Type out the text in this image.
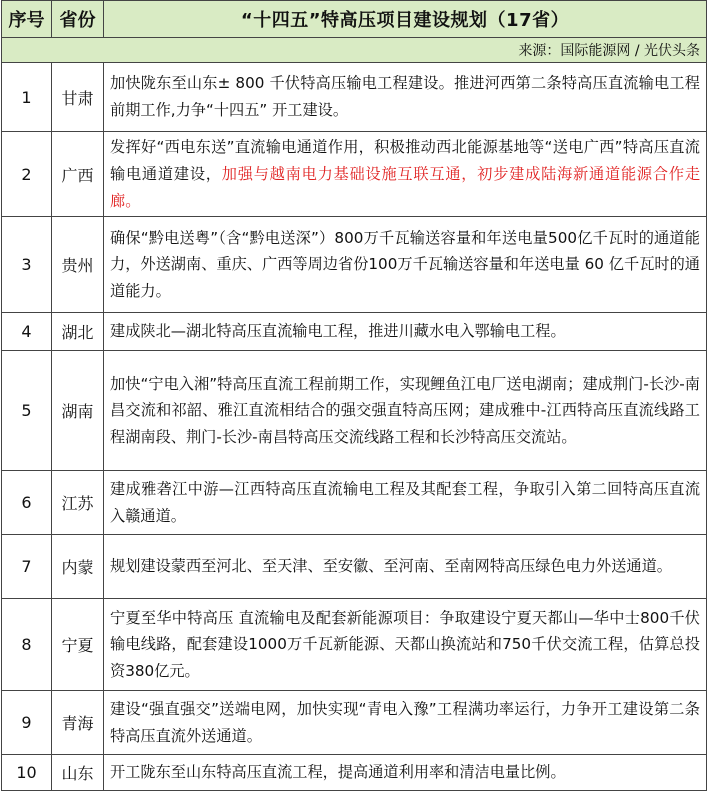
序号	省份	“十四五”特高压项目建设规划（17省）
来源：国际能源网 / 光伏头条		
1	甘肃	加快陇东至山东± 800 千伏特高压输电工程建设。推进河西第二条特高压直流输电工程前期工作,力争“十四五” 开工建设。
2	广西	发挥好“西电东送”直流输电通道作用，积极推动西北能源基地等“送电广西”特高压直流输电通道建设，加强与越南电力基础设施互联互通，初步建成陆海新通道能源合作走廊。
3	贵州	确保“黔电送粤”（含“黔电送深”）800万千瓦输送容量和年送电量500亿千瓦时的通道能力，外送湖南、重庆、广西等周边省份100万千瓦输送容量和年送电量 60 亿千瓦时的通道能力。
4	湖北	建成陕北—湖北特高压直流输电工程，推进川藏水电入鄂输电工程。
5	湖南	加快“宁电入湘”特高压直流工程前期工作，实现鲤鱼江电厂送电湖南；建成荆门-长沙-南昌交流和祁韶、雅江直流相结合的强交强直特高压网；建成雅中-江西特高压直流线路工程湖南段、荆门-长沙-南昌特高压交流线路工程和长沙特高压交流站。
6	江苏	建成雅砻江中游—江西特高压直流输电工程及其配套工程，争取引入第二回特高压直流入赣通道。
7	内蒙	规划建设蒙西至河北、至天津、至安徽、至河南、至南网特高压绿色电力外送通道。
8	宁夏	宁夏至华中特高压 直流输电及配套新能源项目：争取建设宁夏天都山—华中士800千伏输电线路，配套建设1000万千瓦新能源、天都山换流站和750千伏交流工程，估算总投资380亿元。
9	青海	建设“强直强交”送端电网，加快实现“青电入豫”工程满功率运行，力争开工建设第二条特高压直流外送通道。
10	山东	开工陇东至山东特高压直流工程，提高通道利用率和清洁电量比例。
